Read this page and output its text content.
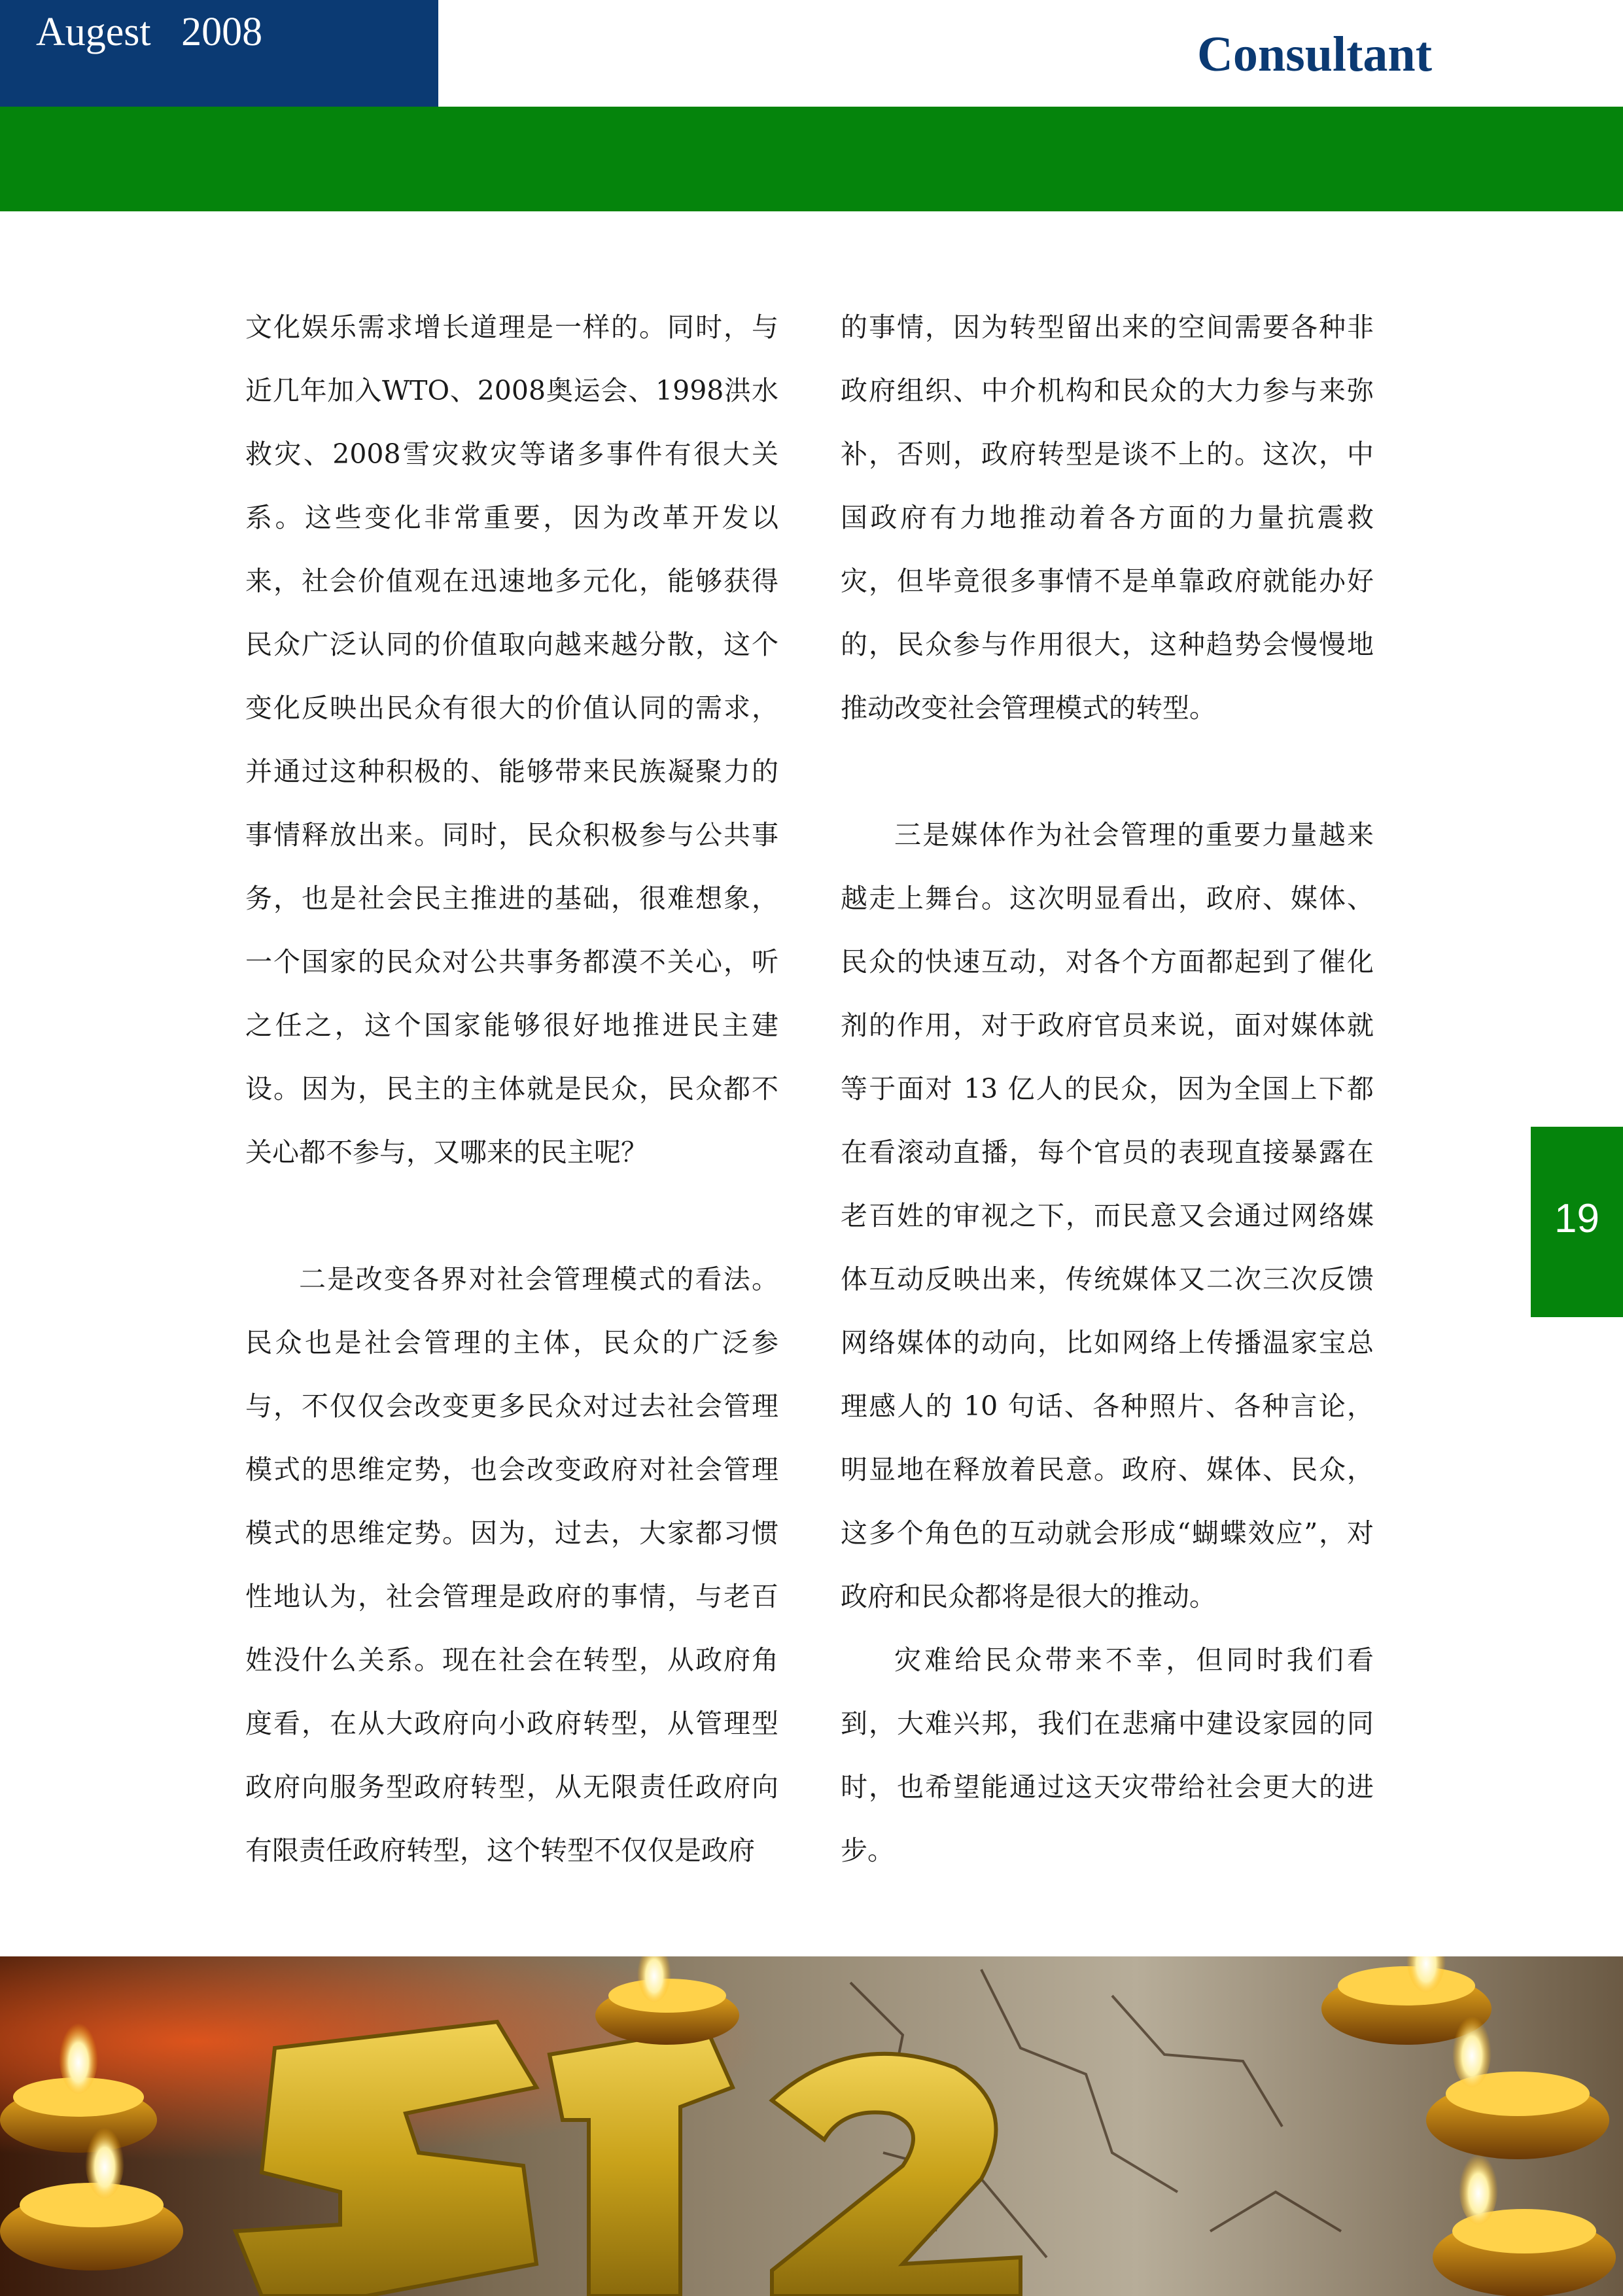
Augest   2008	Consultant

文化娱乐需求增长道理是一样的。同时，与近几年加入WTO、2008奥运会、1998洪水救灾、2008雪灾救灾等诸多事件有很大关系。这些变化非常重要，因为改革开发以来，社会价值观在迅速地多元化，能够获得民众广泛认同的价值取向越来越分散，这个变化反映出民众有很大的价值认同的需求，并通过这种积极的、能够带来民族凝聚力的事情释放出来。同时，民众积极参与公共事务，也是社会民主推进的基础，很难想象，一个国家的民众对公共事务都漠不关心，听之任之，这个国家能够很好地推进民主建设。因为，民主的主体就是民众，民众都不关心都不参与，又哪来的民主呢？

二是改变各界对社会管理模式的看法。民众也是社会管理的主体，民众的广泛参与，不仅仅会改变更多民众对过去社会管理模式的思维定势，也会改变政府对社会管理模式的思维定势。因为，过去，大家都习惯性地认为，社会管理是政府的事情，与老百姓没什么关系。现在社会在转型，从政府角度看，在从大政府向小政府转型，从管理型政府向服务型政府转型，从无限责任政府向有限责任政府转型，这个转型不仅仅是政府

的事情，因为转型留出来的空间需要各种非政府组织、中介机构和民众的大力参与来弥补，否则，政府转型是谈不上的。这次，中国政府有力地推动着各方面的力量抗震救灾，但毕竟很多事情不是单靠政府就能办好的，民众参与作用很大，这种趋势会慢慢地推动改变社会管理模式的转型。

三是媒体作为社会管理的重要力量越来越走上舞台。这次明显看出，政府、媒体、民众的快速互动，对各个方面都起到了催化剂的作用，对于政府官员来说，面对媒体就等于面对 13 亿人的民众，因为全国上下都在看滚动直播，每个官员的表现直接暴露在老百姓的审视之下，而民意又会通过网络媒体互动反映出来，传统媒体又二次三次反馈网络媒体的动向，比如网络上传播温家宝总理感人的 10 句话、各种照片、各种言论，明显地在释放着民意。政府、媒体、民众，这多个角色的互动就会形成“蝴蝶效应”，对政府和民众都将是很大的推动。

灾难给民众带来不幸，但同时我们看到，大难兴邦，我们在悲痛中建设家园的同时，也希望能通过这天灾带给社会更大的进步。

19
